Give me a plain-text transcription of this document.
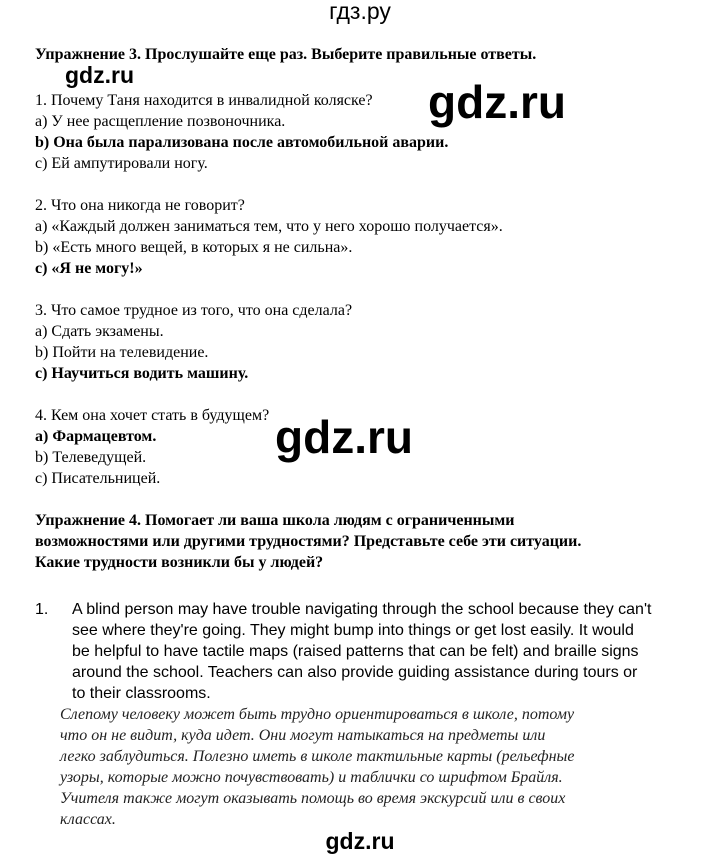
гдз.ру
gdz.ru
gdz.ru
gdz.ru
Упражнение 3. Прослушайте еще раз. Выберите правильные ответы.
1. Почему Таня находится в инвалидной коляске?
a) У нее расщепление позвоночника.
b) Она была парализована после автомобильной аварии.
c) Ей ампутировали ногу.
2. Что она никогда не говорит?
a) «Каждый должен заниматься тем, что у него хорошо получается».
b) «Есть много вещей, в которых я не сильна».
c) «Я не могу!»
3. Что самое трудное из того, что она сделала?
a) Сдать экзамены.
b) Пойти на телевидение.
c) Научиться водить машину.
4. Кем она хочет стать в будущем?
a) Фармацевтом.
b) Телеведущей.
c) Писательницей.
Упражнение 4. Помогает ли ваша школа людям с ограниченными
возможностями или другими трудностями? Представьте себе эти ситуации.
Какие трудности возникли бы у людей?
1. A blind person may have trouble navigating through the school because they can't
see where they're going. They might bump into things or get lost easily. It would
be helpful to have tactile maps (raised patterns that can be felt) and braille signs
around the school. Teachers can also provide guiding assistance during tours or
to their classrooms.
Слепому человеку может быть трудно ориентироваться в школе, потому
что он не видит, куда идет. Они могут натыкаться на предметы или
легко заблудиться. Полезно иметь в школе тактильные карты (рельефные
узоры, которые можно почувствовать) и таблички со шрифтом Брайля.
Учителя также могут оказывать помощь во время экскурсий или в своих
классах.
gdz.ru
